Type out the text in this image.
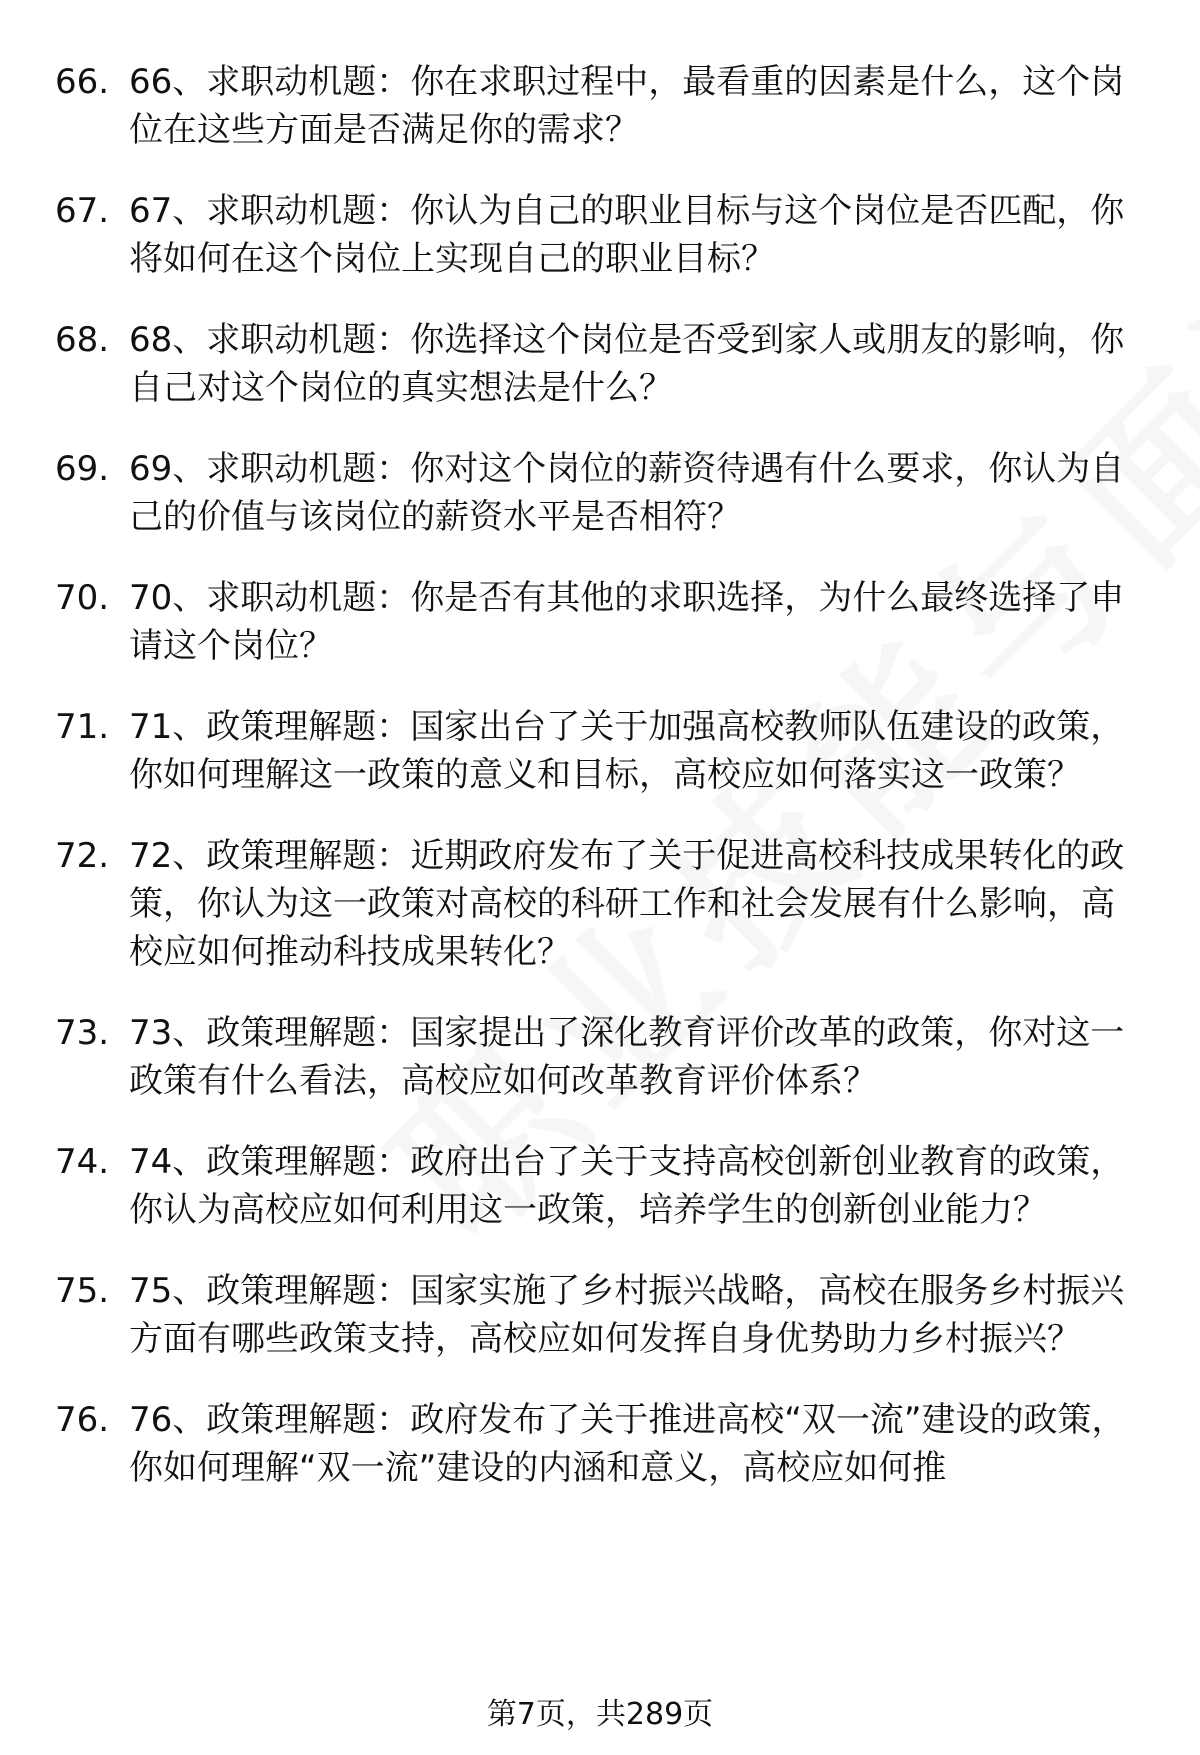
66. 66、求职动机题：你在求职过程中，最看重的因素是什么，这个岗位在这些方面是否满足你的需求？
67. 67、求职动机题：你认为自己的职业目标与这个岗位是否匹配，你将如何在这个岗位上实现自己的职业目标？
68. 68、求职动机题：你选择这个岗位是否受到家人或朋友的影响，你自己对这个岗位的真实想法是什么？
69. 69、求职动机题：你对这个岗位的薪资待遇有什么要求，你认为自己的价值与该岗位的薪资水平是否相符？
70. 70、求职动机题：你是否有其他的求职选择，为什么最终选择了申请这个岗位？
71. 71、政策理解题：国家出台了关于加强高校教师队伍建设的政策，你如何理解这一政策的意义和目标，高校应如何落实这一政策？
72. 72、政策理解题：近期政府发布了关于促进高校科技成果转化的政策，你认为这一政策对高校的科研工作和社会发展有什么影响，高校应如何推动科技成果转化？
73. 73、政策理解题：国家提出了深化教育评价改革的政策，你对这一政策有什么看法，高校应如何改革教育评价体系？
74. 74、政策理解题：政府出台了关于支持高校创新创业教育的政策，你认为高校应如何利用这一政策，培养学生的创新创业能力？
75. 75、政策理解题：国家实施了乡村振兴战略，高校在服务乡村振兴方面有哪些政策支持，高校应如何发挥自身优势助力乡村振兴？
76. 76、政策理解题：政府发布了关于推进高校“双一流”建设的政策，你如何理解“双一流”建设的内涵和意义，高校应如何推
第7页，共289页
